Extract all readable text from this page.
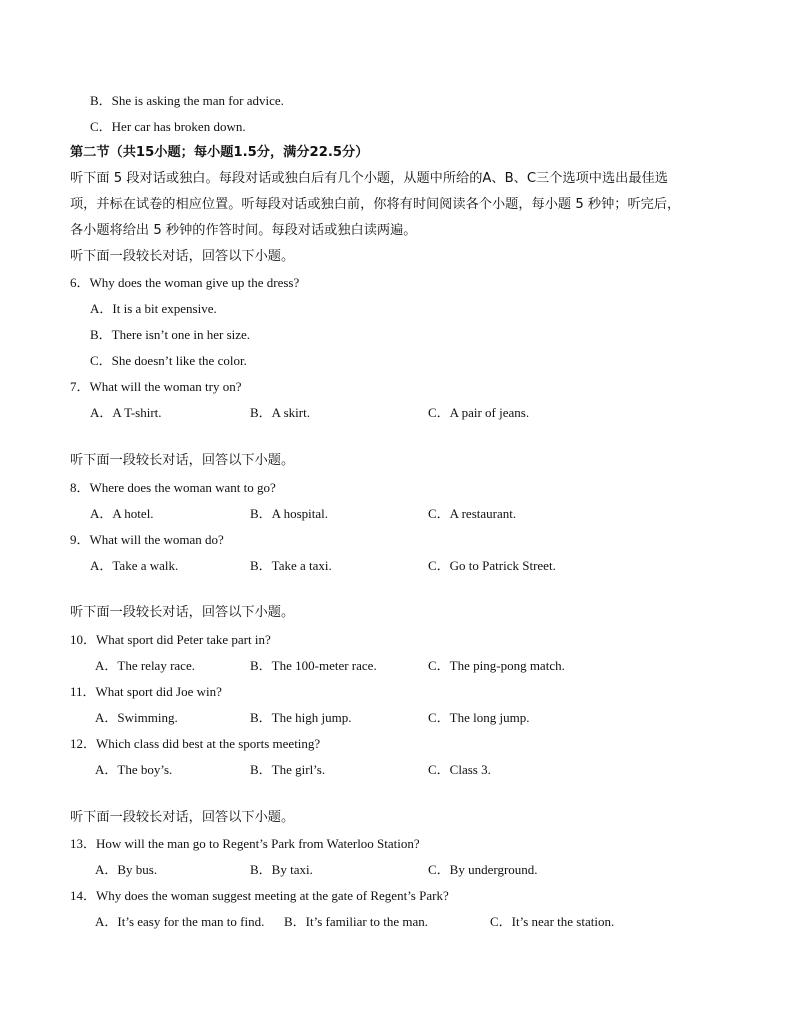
B．She is asking the man for advice.
C．Her car has broken down.
第二节（共15小题；每小题1.5分，满分22.5分）
听下面 5 段对话或独白。每段对话或独白后有几个小题，从题中所给的A、B、C三个选项中选出最佳选
项，并标在试卷的相应位置。听每段对话或独白前，你将有时间阅读各个小题，每小题 5 秒钟；听完后，
各小题将给出 5 秒钟的作答时间。每段对话或独白读两遍。
听下面一段较长对话，回答以下小题。
6．Why does the woman give up the dress?
A．It is a bit expensive.
B．There isn’t one in her size.
C．She doesn’t like the color.
7．What will the woman try on?
A．A T-shirt.	B．A skirt.	C．A pair of jeans.
听下面一段较长对话，回答以下小题。
8．Where does the woman want to go?
A．A hotel.	B．A hospital.	C．A restaurant.
9．What will the woman do?
A．Take a walk.	B．Take a taxi.	C．Go to Patrick Street.
听下面一段较长对话，回答以下小题。
10．What sport did Peter take part in?
A．The relay race.	B．The 100-meter race.	C．The ping-pong match.
11．What sport did Joe win?
A．Swimming.	B．The high jump.	C．The long jump.
12．Which class did best at the sports meeting?
A．The boy’s.	B．The girl’s.	C．Class 3.
听下面一段较长对话，回答以下小题。
13．How will the man go to Regent’s Park from Waterloo Station?
A．By bus.	B．By taxi.	C．By underground.
14．Why does the woman suggest meeting at the gate of Regent’s Park?
A．It’s easy for the man to find. B．It’s familiar to the man.	C．It’s near the station.
